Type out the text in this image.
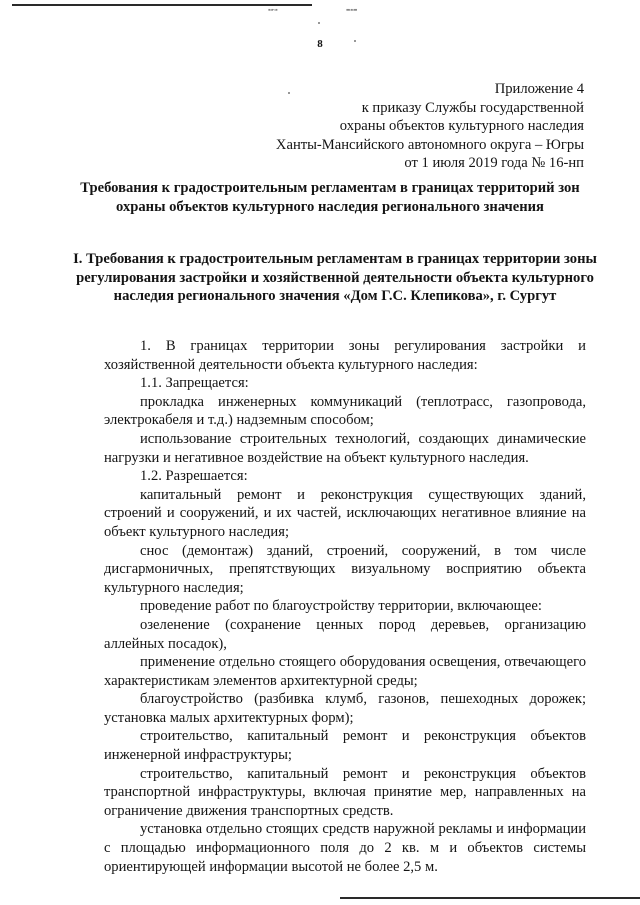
▪▫▪·▫▪	▪▪▫▪▫▪▪
8
Приложение 4
к приказу Службы государственной
охраны объектов культурного наследия
Ханты-Мансийского автономного округа – Югры
от 1 июля 2019 года № 16-нп
Требования к градостроительным регламентам в границах территорий зон охраны объектов культурного наследия регионального значения
I. Требования к градостроительным регламентам в границах территории зоны регулирования застройки и хозяйственной деятельности объекта культурного наследия регионального значения «Дом Г.С. Клепикова», г. Сургут

1. В границах территории зоны регулирования застройки и хозяйственной деятельности объекта культурного наследия:

1.1. Запрещается:

прокладка инженерных коммуникаций (теплотрасс, газопровода, электрокабеля и т.д.) надземным способом;

использование строительных технологий, создающих динамические нагрузки и негативное воздействие на объект культурного наследия.

1.2. Разрешается:

капитальный ремонт и реконструкция существующих зданий, строений и сооружений, и их частей, исключающих негативное влияние на объект культурного наследия;

снос (демонтаж) зданий, строений, сооружений, в том числе дисгармоничных, препятствующих визуальному восприятию объекта культурного наследия;

проведение работ по благоустройству территории, включающее:

озеленение (сохранение ценных пород деревьев, организацию аллейных посадок),

применение отдельно стоящего оборудования освещения, отвечающего характеристикам элементов архитектурной среды;

благоустройство (разбивка клумб, газонов, пешеходных дорожек; установка малых архитектурных форм);

строительство, капитальный ремонт и реконструкция объектов инженерной инфраструктуры;

строительство, капитальный ремонт и реконструкция объектов транспортной инфраструктуры, включая принятие мер, направленных на ограничение движения транспортных средств.

установка отдельно стоящих средств наружной рекламы и информации с площадью информационного поля до 2 кв. м и объектов системы ориентирующей информации высотой не более 2,5 м.
